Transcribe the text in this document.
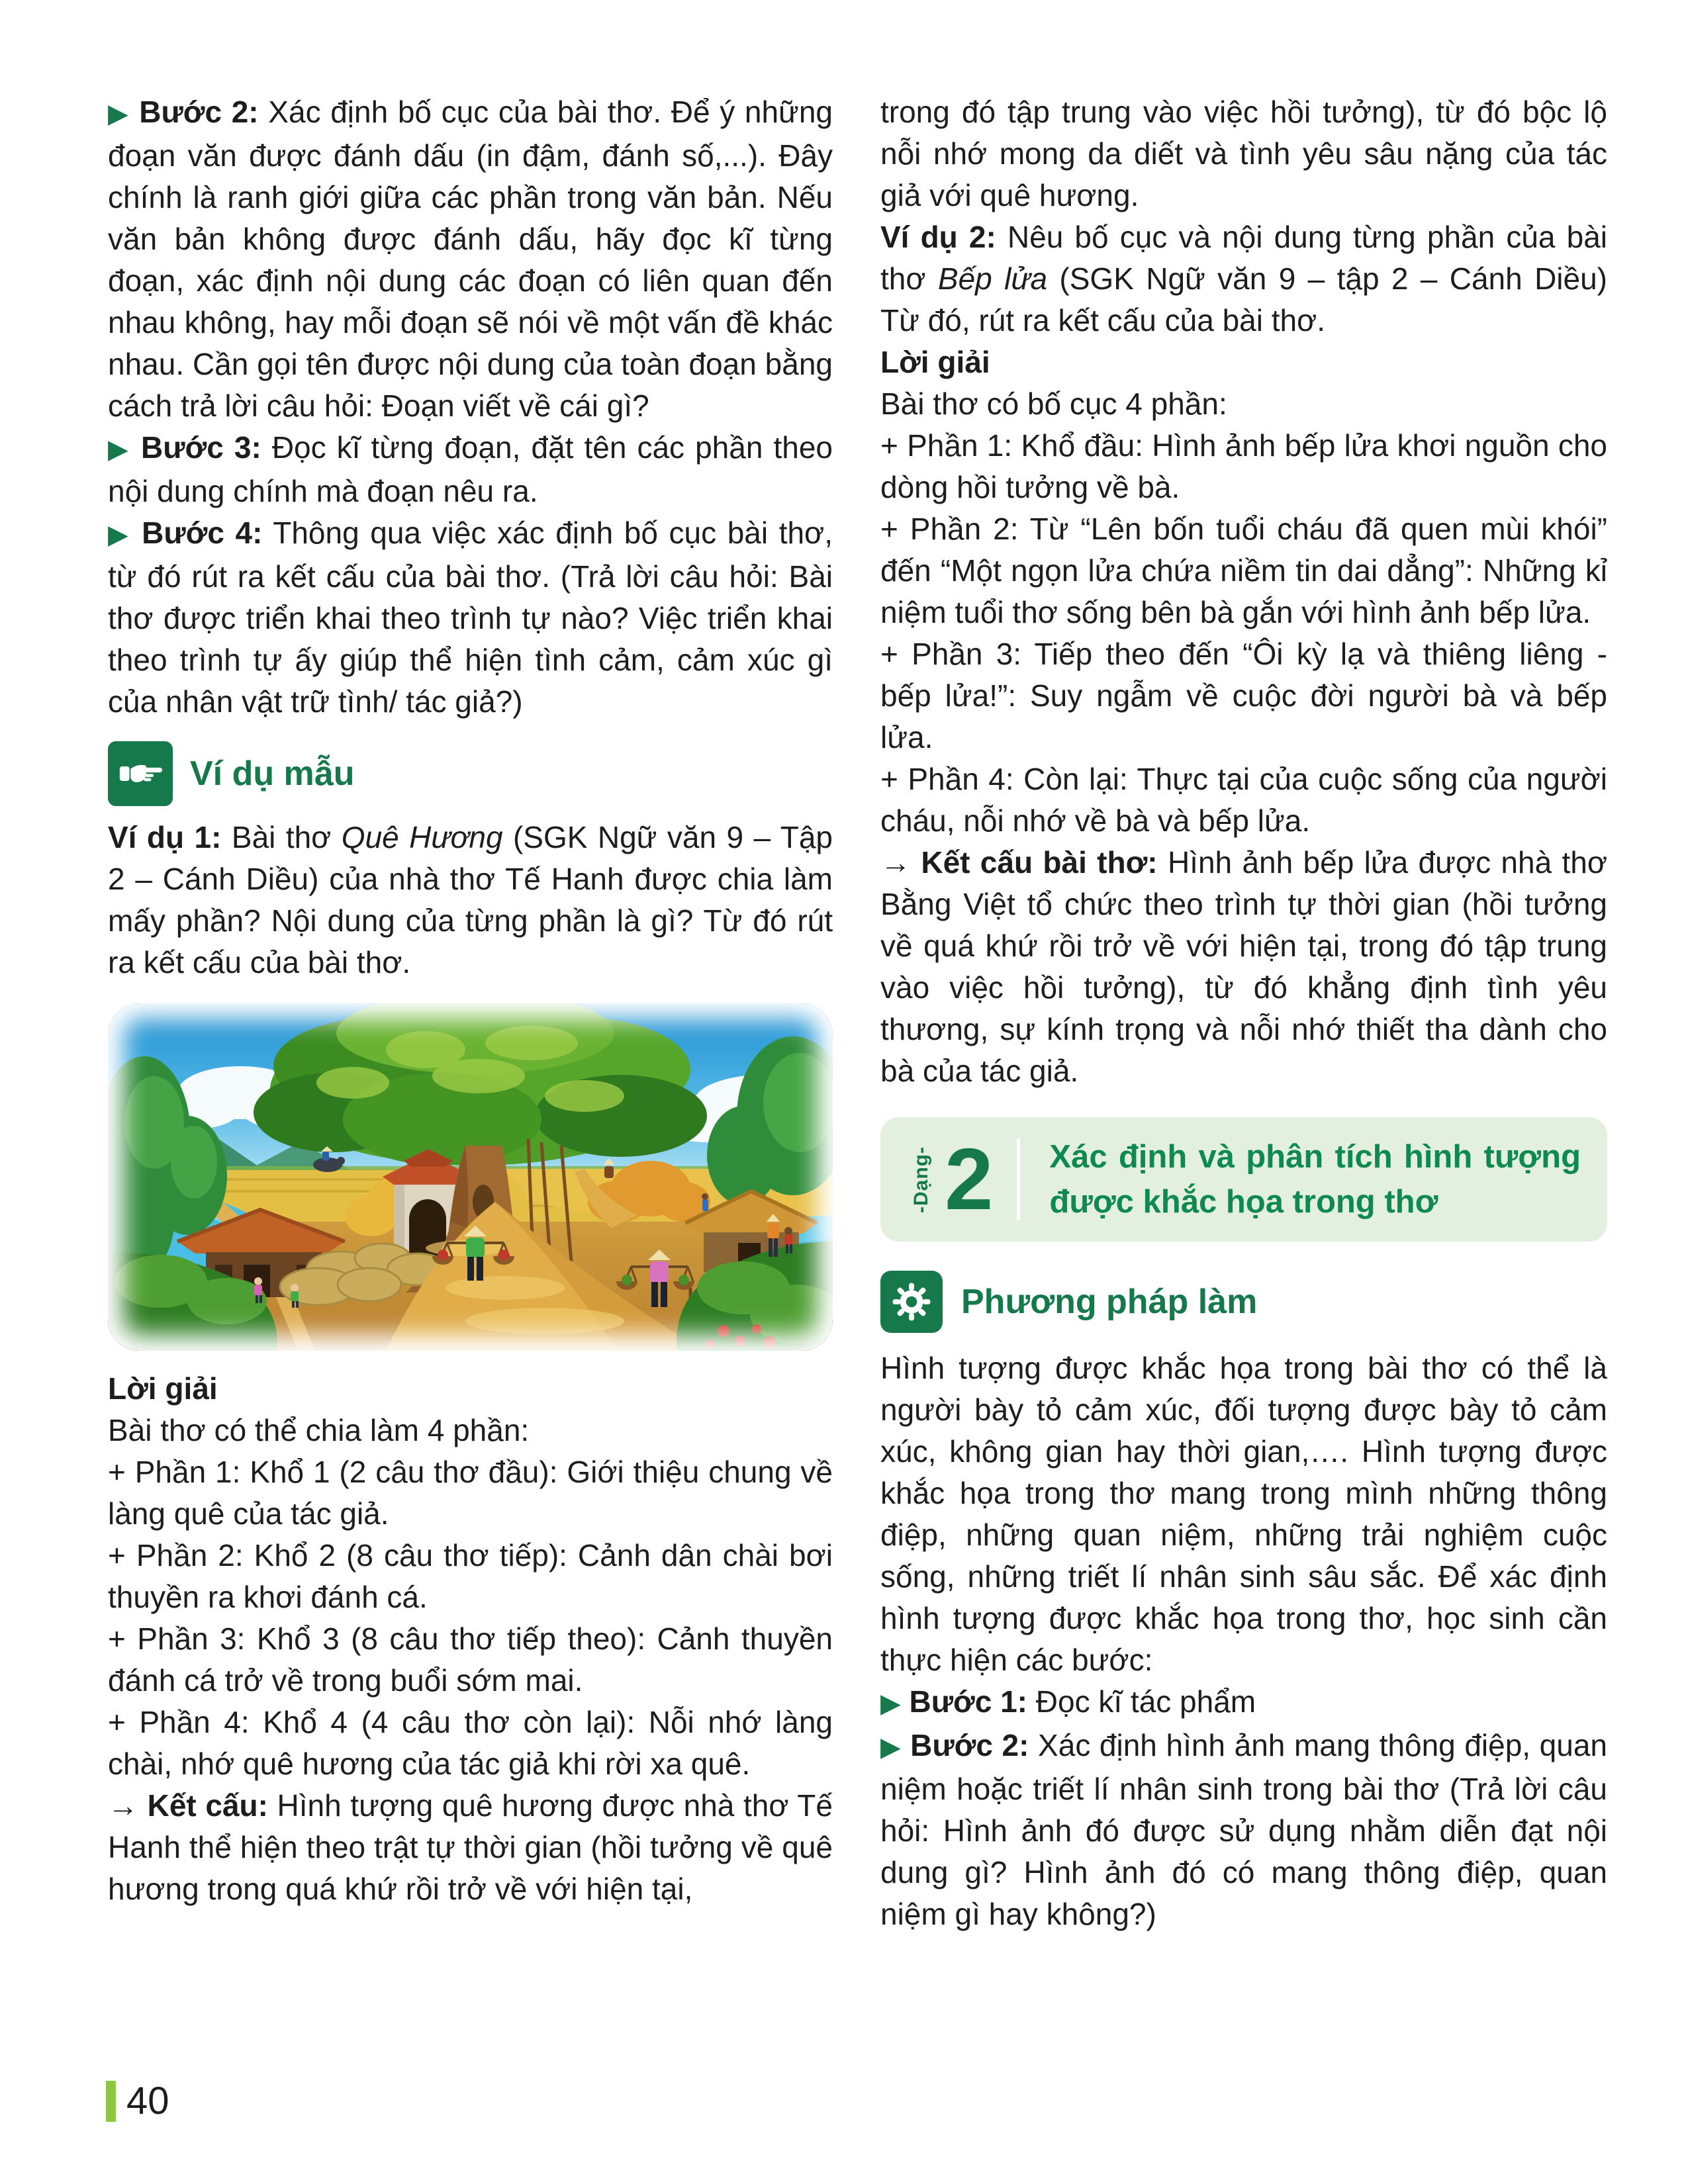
▶ Bước 2: Xác định bố cục của bài thơ. Để ý những đoạn văn được đánh dấu (in đậm, đánh số,...). Đây chính là ranh giới giữa các phần trong văn bản. Nếu văn bản không được đánh dấu, hãy đọc kĩ từng đoạn, xác định nội dung các đoạn có liên quan đến nhau không, hay mỗi đoạn sẽ nói về một vấn đề khác nhau. Cần gọi tên được nội dung của toàn đoạn bằng cách trả lời câu hỏi: Đoạn viết về cái gì?

▶ Bước 3: Đọc kĩ từng đoạn, đặt tên các phần theo nội dung chính mà đoạn nêu ra.

▶ Bước 4: Thông qua việc xác định bố cục bài thơ, từ đó rút ra kết cấu của bài thơ. (Trả lời câu hỏi: Bài thơ được triển khai theo trình tự nào? Việc triển khai theo trình tự ấy giúp thể hiện tình cảm, cảm xúc gì của nhân vật trữ tình/ tác giả?)

Ví dụ mẫu

Ví dụ 1: Bài thơ Quê Hương (SGK Ngữ văn 9 – Tập 2 – Cánh Diều) của nhà thơ Tế Hanh được chia làm mấy phần? Nội dung của từng phần là gì? Từ đó rút ra kết cấu của bài thơ.

Lời giải

Bài thơ có thể chia làm 4 phần:

+ Phần 1: Khổ 1 (2 câu thơ đầu): Giới thiệu chung về làng quê của tác giả.

+ Phần 2: Khổ 2 (8 câu thơ tiếp): Cảnh dân chài bơi thuyền ra khơi đánh cá.

+ Phần 3: Khổ 3 (8 câu thơ tiếp theo): Cảnh thuyền đánh cá trở về trong buổi sớm mai.

+ Phần 4: Khổ 4 (4 câu thơ còn lại): Nỗi nhớ làng chài, nhớ quê hương của tác giả khi rời xa quê.

→ Kết cấu: Hình tượng quê hương được nhà thơ Tế Hanh thể hiện theo trật tự thời gian (hồi tưởng về quê hương trong quá khứ rồi trở về với hiện tại,

trong đó tập trung vào việc hồi tưởng), từ đó bộc lộ nỗi nhớ mong da diết và tình yêu sâu nặng của tác giả với quê hương.

Ví dụ 2: Nêu bố cục và nội dung từng phần của bài thơ Bếp lửa (SGK Ngữ văn 9 – tập 2 – Cánh Diều) Từ đó, rút ra kết cấu của bài thơ.

Lời giải

Bài thơ có bố cục 4 phần:

+ Phần 1: Khổ đầu: Hình ảnh bếp lửa khơi nguồn cho dòng hồi tưởng về bà.

+ Phần 2: Từ “Lên bốn tuổi cháu đã quen mùi khói” đến “Một ngọn lửa chứa niềm tin dai dẳng”: Những kỉ niệm tuổi thơ sống bên bà gắn với hình ảnh bếp lửa.

+ Phần 3: Tiếp theo đến “Ôi kỳ lạ và thiêng liêng - bếp lửa!”: Suy ngẫm về cuộc đời người bà và bếp lửa.

+ Phần 4: Còn lại: Thực tại của cuộc sống của người cháu, nỗi nhớ về bà và bếp lửa.

→ Kết cấu bài thơ: Hình ảnh bếp lửa được nhà thơ Bằng Việt tổ chức theo trình tự thời gian (hồi tưởng về quá khứ rồi trở về với hiện tại, trong đó tập trung vào việc hồi tưởng), từ đó khẳng định tình yêu thương, sự kính trọng và nỗi nhớ thiết tha dành cho bà của tác giả.

-Dạng- 2 Xác định và phân tích hình tượng được khắc họa trong thơ
Phương pháp làm

Hình tượng được khắc họa trong bài thơ có thể là người bày tỏ cảm xúc, đối tượng được bày tỏ cảm xúc, không gian hay thời gian,…. Hình tượng được khắc họa trong thơ mang trong mình những thông điệp, những quan niệm, những trải nghiệm cuộc sống, những triết lí nhân sinh sâu sắc. Để xác định hình tượng được khắc họa trong thơ, học sinh cần thực hiện các bước:

▶ Bước 1: Đọc kĩ tác phẩm

▶ Bước 2: Xác định hình ảnh mang thông điệp, quan niệm hoặc triết lí nhân sinh trong bài thơ (Trả lời câu hỏi: Hình ảnh đó được sử dụng nhằm diễn đạt nội dung gì? Hình ảnh đó có mang thông điệp, quan niệm gì hay không?)

40
